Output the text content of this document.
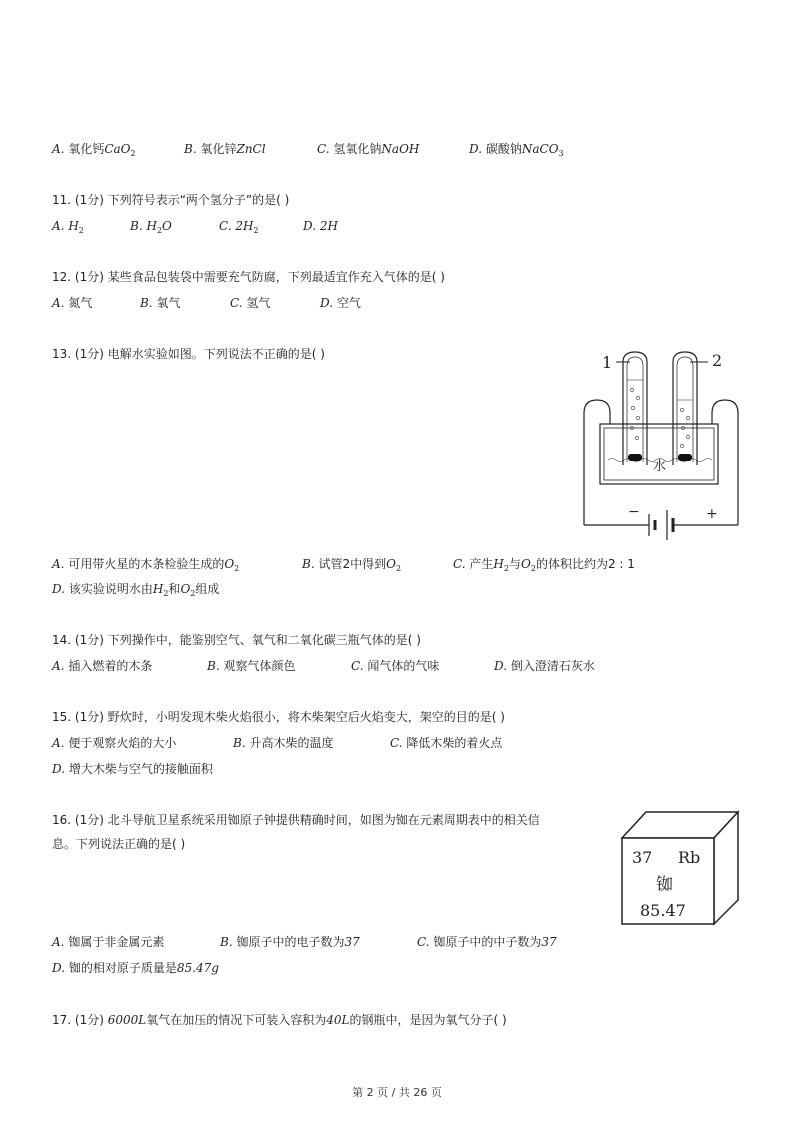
A. 氧化钙CaO$_2$	B. 氧化锌ZnCl	C. 氢氧化钠NaOH	D. 碳酸钠NaCO$_3$
11. (1分) 下列符号表示“两个氢分子”的是( )
A. $H_2$	B. $H_2O$	C. $2H_2$	D. 2H
12. (1分) 某些食品包装袋中需要充气防腐，下列最适宜作充入气体的是( )
A. 氮气	B. 氧气	C. 氢气	D. 空气
13. (1分) 电解水实验如图。下列说法不正确的是( )
−	+
水
1	2
A. 可用带火星的木条检验生成的$O_2$	B. 试管2中得到$O_2$	C. 产生$H_2$与$O_2$的体积比约为2 : 1
D. 该实验说明水由$H_2$和$O_2$组成
14. (1分) 下列操作中，能鉴别空气、氧气和二氧化碳三瓶气体的是( )
A. 插入燃着的木条	B. 观察气体颜色	C. 闻气体的气味	D. 倒入澄清石灰水
15. (1分) 野炊时，小明发现木柴火焰很小，将木柴架空后火焰变大，架空的目的是( )
A. 便于观察火焰的大小	B. 升高木柴的温度	C. 降低木柴的着火点
D. 增大木柴与空气的接触面积
16. (1分) 北斗导航卫星系统采用铷原子钟提供精确时间，如图为铷在元素周期表中的相关信
息。下列说法正确的是( )
37 Rb
铷
85.47
A. 铷属于非金属元素	B. 铷原子中的电子数为37	C. 铷原子中的中子数为37
D. 铷的相对原子质量是85.47g
17. (1分) 6000L氧气在加压的情况下可装入容积为40L的钢瓶中，是因为氧气分子( )
第 2 页 / 共 26 页
